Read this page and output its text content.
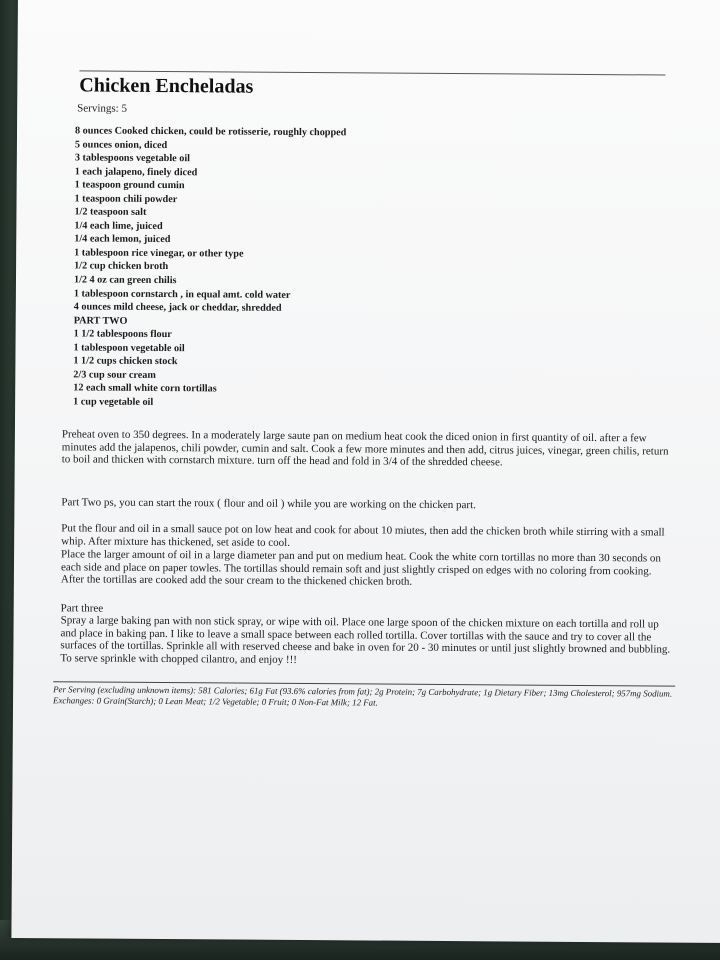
Chicken Encheladas
Servings: 5
8 ounces Cooked chicken, could be rotisserie, roughly chopped
5 ounces onion, diced
3 tablespoons vegetable oil
1 each jalapeno, finely diced
1 teaspoon ground cumin
1 teaspoon chili powder
1/2 teaspoon salt
1/4 each lime, juiced
1/4 each lemon, juiced
1 tablespoon rice vinegar, or other type
1/2 cup chicken broth
1/2 4 oz can green chilis
1 tablespoon cornstarch , in equal amt. cold water
4 ounces mild cheese, jack or cheddar, shredded
PART TWO
1 1/2 tablespoons flour
1 tablespoon vegetable oil
1 1/2 cups chicken stock
2/3 cup sour cream
12 each small white corn tortillas
1 cup vegetable oil

Preheat oven to 350 degrees. In a moderately large saute pan on medium heat cook the diced onion in first quantity of oil. after a few minutes add the jalapenos, chili powder, cumin and salt. Cook a few more minutes and then add, citrus juices, vinegar, green chilis, return to boil and thicken with cornstarch mixture. turn off the head and fold in 3/4 of the shredded cheese.

Part Two ps, you can start the roux ( flour and oil ) while you are working on the chicken part.

Put the flour and oil in a small sauce pot on low heat and cook for about 10 miutes, then add the chicken broth while stirring with a small whip. After mixture has thickened, set aside to cool.

Place the larger amount of oil in a large diameter pan and put on medium heat. Cook the white corn tortillas no more than 30 seconds on each side and place on paper towles. The tortillas should remain soft and just slightly crisped on edges with no coloring from cooking. After the tortillas are cooked add the sour cream to the thickened chicken broth.

Part three

Spray a large baking pan with non stick spray, or wipe with oil. Place one large spoon of the chicken mixture on each tortilla and roll up and place in baking pan. I like to leave a small space between each rolled tortilla. Cover tortillas with the sauce and try to cover all the surfaces of the tortillas. Sprinkle all with reserved cheese and bake in oven for 20 - 30 minutes or until just slightly browned and bubbling. To serve sprinkle with chopped cilantro, and enjoy !!!

Per Serving (excluding unknown items): 581 Calories; 61g Fat (93.6% calories from fat); 2g Protein; 7g Carbohydrate; 1g Dietary Fiber; 13mg Cholesterol; 957mg Sodium. Exchanges: 0 Grain(Starch); 0 Lean Meat; 1/2 Vegetable; 0 Fruit; 0 Non-Fat Milk; 12 Fat.
